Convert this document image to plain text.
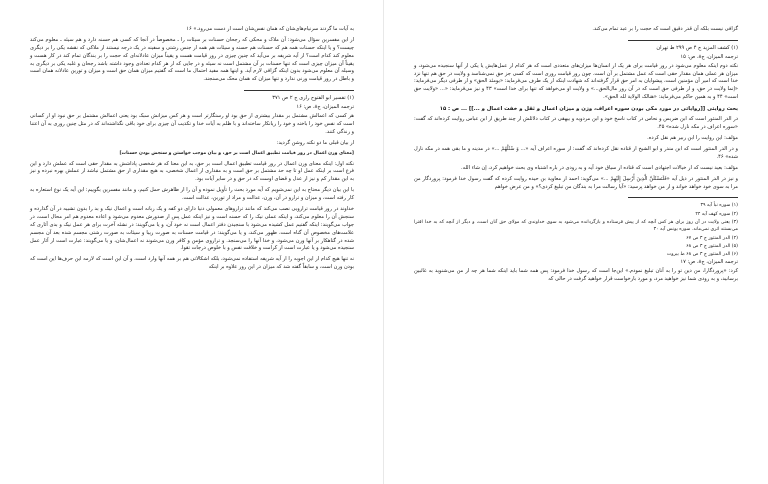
به آیات ما گردند سرنیام‌های‌شان که همان نفس‌شان است از دست می‌رود.» ۱۶

از این مفسرین سؤال می‌شود: آن ملاک و محکی که رجحان حسنات بر سیئات را ـ مخصوصاً در آنجا که کسی هم حسنه دارد و هم سیئه ـ معلوم می‌کند چیست؟ و یا اینکه حسنات همه هم که حسنات هم حسنه و سیئات هم همه از جنس زشتی و سفینه در یک درجه نیستند از ملاکی که نقشه یکی را بر دیگری معلوم کند کدام است؟ از آیه شریفه بر می‌آید که چنین چیزی در روز قیامت هست و یقیناً میزان عادلانه‌ای که حجت را بر بندگان تمام کند در کار هست و یقیناً آن میزان چیزی است که تنها حسنات بر آن مشتمل است نه سیئه و در جایی که از هر کدام تعدادی وجود داشته باشد رجحان و غلبه یکی بر دیگری به وسیله آن معلوم می‌شود بدون اینکه گزافی لازم آید. و اینها همه مفید احتمال ما است که گفتیم میزان همان حق است و میزان و توزین عادلانه همان است و باطل در روز قیامت وزنی ندارد و تنها میزان که همان محک می‌سنجند.

(۱) تفسیر ابو الفتوح رازی ج ۲ ص ۳۷۱

ترجمه المیزان، ج‏۸، ص: ۱۶

هر کسی که اعمالش مشتمل بر مقدار بیشتری از حق بود او رستگارتر است و هر کس میزانش سبک بود یعنی اعمالش مشتمل بر حق نبود او از کسانی است که نفس خود را باخته و خود را زیانکار ساخته‌اند و با ظلم به آیات خدا و تکذیب آن چیزی برای خود باقی نگذاشته‌اند که در مثل چنین روزی به آن اعتنا و زندگی کنند.

از بیان قبلی ما دو نکته روشن گردید:

[معنای وزن اعمال در روز قیامت تطبیق اعمال است بر حق، و بیان موجب خواستن و سنجش بودن حسنات]

نکته اول: اینکه معنای وزن اعمال در روز قیامت تطبیق اعمال است بر حق، به این معنا که هر شخصی پاداشش به مقدار حقی است که عملش دارد و این فرع است بر اینکه عمل او تا چه حد مشتمل بر حق است و به مقداری از اعمال شخصی، به هیچ مقداری از حق مشتمل نباشد از عملش بهره نبرده و نیز به این مقدار کم و نیز از عدل و قضای اوست که در حق و در سایر آیات بود.

با این بیان دیگر محتاج به این نمی‌شویم که آیه مورد بحث را تأویل نموده و آن را از ظاهرش حمل کنیم، و مانند مفسرین بگوییم: این آیه یک نوع استعاره به کار رفته است، و میزان و ترازو در آن، وزن، عدالت و مراد از توزین، عدالت است.

خداوند در روز قیامت ترازویی نصب می‌کند که مانند ترازوهای معمولی دنیا دارای دو کفه و یک زبانه است و اعمال نیک و بد را بدون تشبیه در آن گذارده و سنجش آن را معلوم می‌کند، و اینکه عملی نیک را که حسنه است و نیز اینکه عمل پس از صدورش معدوم می‌شود و اعاده معدوم هم امر محال است، در جواب می‌گویند: اینکه گفتیم عمل کشیده می‌شود با سنجیدن دفتر اعمال است نه خود آن، و یا می‌گویند: در نشئه آخرت برای هر عمل نیک و بدی آثاری که علامت‌های مخصوص آن گناه است، ظهور می‌کند، و یا می‌گویند: در قیامت حسنات به صورت زیبا و سیئات به صورت زشتی مجسم شده بعد آن مجسم شده در گناهکار بر آنها وزن می‌شود، و خدا آنها را می‌سنجد. و ترازوی مؤمن و کافر وزن می‌شوند نه اعمال‌شان، و یا می‌گویند: عبارت است از آثار عمل سنجیده می‌شود و یا عبارت است از کرامت و خلافت نفس و با خلوص درجات تقوا.

نه تنها هیچ کدام از این اجوبه را از آیه شریفه استفاده نمی‌شود، بلکه اشکالاتی هم بر همه آنها وارد است، و آن این است که لازمه این حرف‌ها این است که بودن وزن است، و سابقاً گفته شد که میزان در این روز علاوه بر اینکه

گزافی نیست بلکه آن قدر دقیق است که حجت را بر عبد تمام می‌کند.

(۱) کشف المزید ج ۴ ص ۲۹۹ ط تهران

ترجمه المیزان، ج‏۸، ص: ۱۵

نکته دوم اینکه معلوم می‌شود در روز قیامت برای هر یک از انسان‌ها میزان‌های متعددی است که هر کدام از عمل‌هایش یا یکی از آنها سنجیده می‌شود، و میزان هر عملی همان مقدار حقی است که عمل مشتمل بر آن است. چون روز قیامت روزی است که کسی جز حق نمی‌شناسد و ولایت در حق هم تنها نزد خدا است که امیر آن مؤمنین است، پیشوایان به امر حق قرار گرفته‌اند که شهادت اینکه از یک طرف می‌فرماید: «یومئذ الحق» و از طرفی دیگر می‌فرماید: «إنما ولایت در حق، و از طرفی حق است که در آن روز مال‌الحق...» و ولایت او می‌خواهد که تنها برای خدا است» ۴۳ و نیز می‌فرماید: «... «ولایت حق است» ۴۴ و به همین حاکم می‌فرماید: «هنالک الولایة لله الحق».

بحث روایتی [[روایاتی در مورد مکی بودن سوره اعراف، وزن و میزان اعمال و ثقل و خفت اعمال و ...]] ... ص : ۱۵

در الدر المنثور است که ابن ضریس و نحاس در کتاب ناسخ خود و ابن مردویه و بیهقی در کتاب دلائلش از چند طریق از ابن عباس روایت کرده‌اند که گفت: «سوره اعراف در مکه نازل شده» ۴۵.

مؤلف: این روایت را ابن زبیر هم نقل کرده.

و در الدر المنثور است که ابن منذر و ابو الشیخ از قتاده نقل کرده‌اند که گفت: از سوره اعراف آیه «... وَ سْئَلْهُمْ ...» در مدینه و ما بقی همه در مکه نازل شده» ۴۶.

مؤلف: بعید نیست که از خیالات اجتهادی است که قتاده از سیاق خود آیه و به زودی در باره اشتباه وی بحث خواهیم کرد، إن شاء الله.

و نیز در الدر المنثور در ذیل آیه «فَلَنَسْئَلَنَّ الَّذِينَ أُرْسِلَ إِلَيْهِمْ ...» می‌گوید: احمد از معاویة بن حیده روایت کرده که گفت رسول خدا فرمود: پروردگار من مرا به سوی خود خواهد خواند و از من خواهد پرسید: «آیا رسالت مرا به بندگان من تبلیغ کردی؟» و من عرض خواهم

(۱) سوره نبأ آیه ۳۹

(۲) سوره کهف آیه ۴۴

(۳) یعنی ولایت در آن روز برای هر کس آنچه که از پیش فرستاده و بازگردانده می‌شود به سوی خداوندی که مولای حق آنان است، و دیگر از آنچه که به خدا افترا می‌بستند اثری نمی‌ماند. سوره یونس آیه ۳۰

(۴) الدر المنثور ج ۳ ص ۶۷

(۵) الدر المنثور ج ۳ ص ۶۸

(۶) الدر المنثور ج ۳ ص ۶۸ ط بیروت

ترجمه المیزان، ج‏۸، ص: ۱۷

کرد: «پروردگارا، من دین تو را به آنان تبلیغ نمودم.» این‌جا است که رسول خدا فرمود: پس همه شما باید اینکه شما هر چه از من می‌شنوید به غائبین برسانید، و به زودی شما نیز خواهید مرد، و مورد بازخواست قرار خواهید گرفت در حالی که
